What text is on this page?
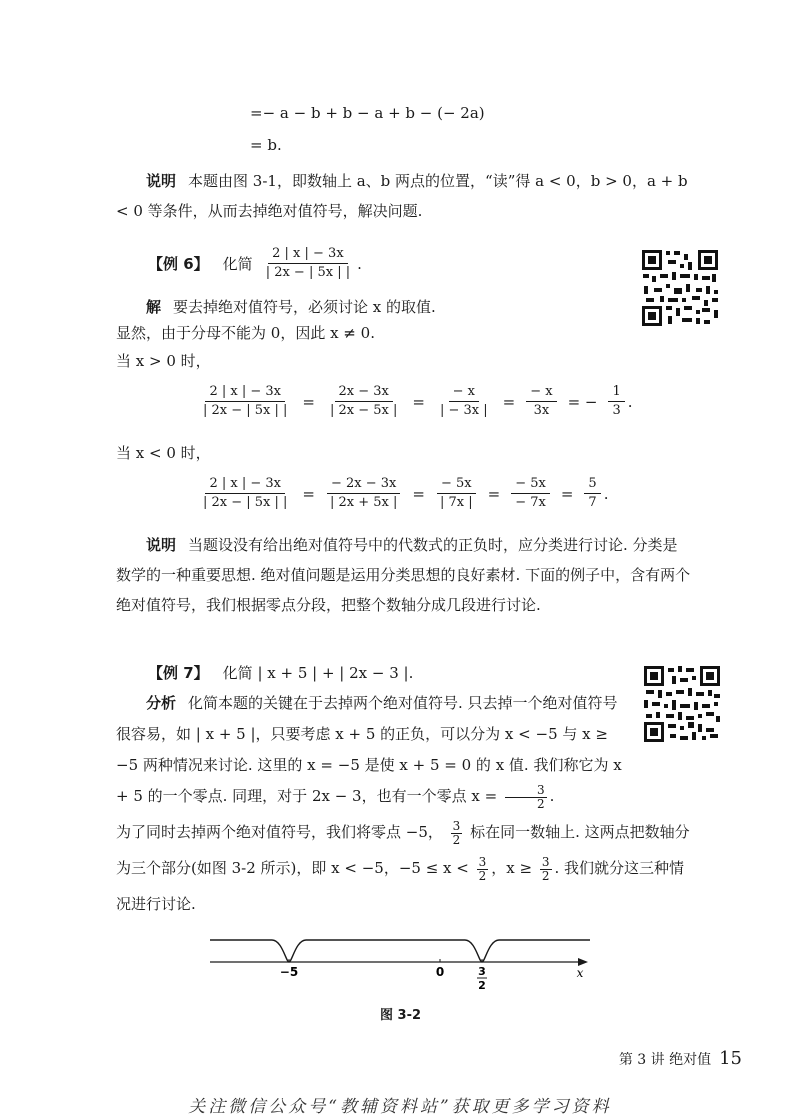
=− a − b + b − a + b − (− 2a)
= b.
说明 本题由图 3-1，即数轴上 a、b 两点的位置，“读”得 a < 0，b > 0，a + b < 0 等条件，从而去掉绝对值符号，解决问题.
【例 6】 化简 $\frac{2 | x | - 3x}{| 2x - | 5x | |}$ .
解 要去掉绝对值符号，必须讨论 x 的取值.
显然，由于分母不能为 0，因此 x ≠ 0.
当 x > 0 时，
$\frac{2 | x | - 3x}{| 2x - | 5x | |} = \frac{2x - 3x}{| 2x - 5x |} = \frac{- x}{| - 3x |} = \frac{- x}{3x}$ = − $\frac{1}{3}$ .
当 x < 0 时，
$\frac{2 | x | - 3x}{| 2x - | 5x | |} = \frac{- 2x - 3x}{| 2x + 5x |} = \frac{- 5x}{| 7x |} = \frac{- 5x}{- 7x} = \frac{5}{7}$ .
说明 当题设没有给出绝对值符号中的代数式的正负时，应分类进行讨论. 分类是数学的一种重要思想. 绝对值问题是运用分类思想的良好素材. 下面的例子中，含有两个绝对值符号，我们根据零点分段，把整个数轴分成几段进行讨论.
【例 7】 化简 | x + 5 | + | 2x − 3 |.
分析 化简本题的关键在于去掉两个绝对值符号. 只去掉一个绝对值符号很容易，如 | x + 5 |，只要考虑 x + 5 的正负，可以分为 x < −5 与 x ≥ −5 两种情况来讨论. 这里的 x = −5 是使 x + 5 = 0 的 x 值. 我们称它为 x + 5 的一个零点. 同理，对于 2x − 3，也有一个零点 $x = \frac{3}{2}$ .
为了同时去掉两个绝对值符号，我们将零点 −5， $\frac{3}{2}$ 标在同一数轴上. 这两点把数轴分为三个部分(如图 3-2 所示)，即 x < −5，$-5 \le x < \frac{3}{2}$ ，$x \ge \frac{3}{2}$ . 我们就分这三种情况进行讨论.
−5	0	3
2
x
图 3-2
第 3 讲 绝对值 15
关注微信公众号“教辅资料站”获取更多学习资料
